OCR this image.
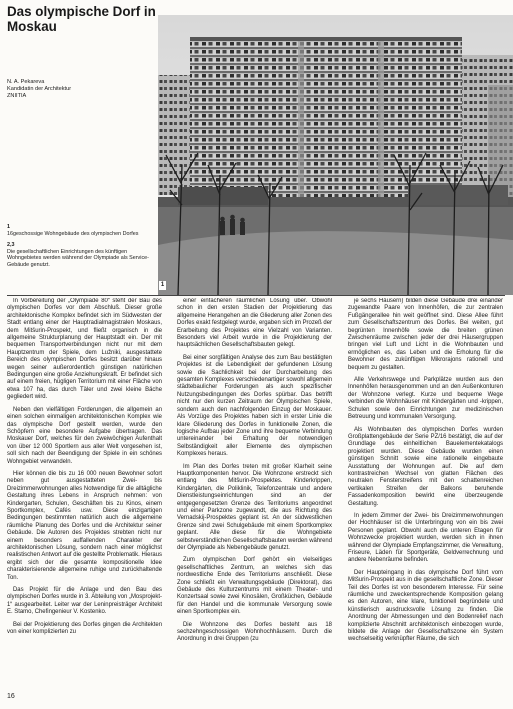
Das olympische Dorf in Moskau
N. A. Pekareva
Kandidatin der Architektur
ZNIITIA
1

1
16geschossige Wohngebäude des olympischen Dorfes

2,3
Die gesellschaftlichen Einrichtungen des künftigen Wohngebietes werden während der Olympiade als Service-Gebäude genutzt.

In Vorbereitung der „Olympiade 80“ steht der Bau des olympischen Dorfes vor dem Abschluß. Dieser große architektonische Komplex befindet sich im Südwesten der Stadt entlang einer der Hauptradialmagistralen Moskaus, dem Mitšurin-Prospekt, und fließt organisch in die allgemeine Strukturplanung der Hauptstadt ein. Der mit bequemen Transportverbindungen nicht nur mit dem Hauptzentrum der Spiele, dem Lužniki, ausgestattete Bereich des olympischen Dorfes besitzt darüber hinaus wegen seiner außerordentlich günstigen natürlichen Bedingungen eine große Anziehungskraft. Er befindet sich auf einem freien, hügligen Territorium mit einer Fläche von etwa 107 ha, das durch Täler und zwei kleine Bäche gegliedert wird.

Neben den vielfältigen Forderungen, die allgemein an einen solchen einmaligen architektonischen Komplex wie das olympische Dorf gestellt werden, wurde den Schöpfern eine besondere Aufgabe übertragen. Das Moskauer Dorf, welches für den zweiwöchigen Aufenthalt von über 12 000 Sportlern aus aller Welt vorgesehen ist, soll sich nach der Beendigung der Spiele in ein schönes Wohngebiet verwandeln.

Hier können die bis zu 16 000 neuen Bewohner sofort neben gut ausgestatteten Zwei- bis Dreizimmerwohnungen alles Notwendige für die alltägliche Gestaltung ihres Lebens in Anspruch nehmen: von Kindergarten, Schulen, Geschäften bis zu Kinos, einem Sportkomplex, Cafés usw. Diese einzigartigen Bedingungen bestimmten natürlich auch die allgemeine räumliche Planung des Dorfes und die Architektur seiner Gebäude. Die Autoren des Projektes strebten nicht nur einem besonders auffallenden Charakter der architektonischen Lösung, sondern nach einer möglichst realistischen Antwort auf die gestellte Problematik. Hieraus ergibt sich der die gesamte kompositionelle Idee charakterisierende allgemeine ruhige und zurückhaltende Ton.

Das Projekt für die Anlage und den Bau des olympischen Dorfes wurde in 3. Abteilung von „Mosprojekt-1“ ausgearbeitet. Leiter war der Leninpreisträger Architekt E. Stamo, Chefingenieur V. Kostenko.

Bei der Projektierung des Dorfes gingen die Architekten von einer komplizierten zu

einer einfacheren räumlichen Lösung über. Obwohl schon in den ersten Stadien der Projektierung das allgemeine Herangehen an die Gliederung aller Zonen des Dorfes exakt festgelegt wurde, ergaben sich im Prozeß der Erarbeitung des Projektes eine Vielzahl von Varianten. Besonders viel Arbeit wurde in die Projektierung der hauptsächlichen Gesellschaftsbauten gelegt.

Bei einer sorgfältigen Analyse des zum Bau bestätigten Projektes ist die Lebendigkeit der gefundenen Lösung sowie die Sachlichkeit bei der Durcharbeitung des gesamten Komplexes verschiedenartiger sowohl allgemein städtebaulicher Forderungen als auch spezifischer Nutzungsbedingungen des Dorfes spürbar. Das betrifft nicht nur den kurzen Zeitraum der Olympischen Spiele, sondern auch den nachfolgenden Einzug der Moskauer. Als Vorzüge des Projektes haben sich in erster Linie die klare Gliederung des Dorfes in funktionelle Zonen, die logische Aufbau jeder Zone und ihre bequeme Verbindung untereinander bei Erhaltung der notwendigen Selbständigkeit aller Elemente des olympischen Komplexes heraus.

Im Plan des Dorfes treten mit großer Klarheit seine Hauptkomponenten hervor. Die Wohnzone erstreckt sich entlang des Mitšurin-Prospektes. Kinderkrippen, Kindergärten, die Poliklinik, Telefonzentrale und andere Dienstleistungseinrichtungen sind an der entgegengesetzten Grenze des Territoriums angeordnet und einer Parkzone zugewandt, die aus Richtung des Vernadskij-Prospektes geplant ist. An der südwestlichen Grenze sind zwei Schulgebäude mit einem Sportkomplex geplant. Alle diese für die Wohngebiete selbstverständlichen Gesellschaftsbauten werden während der Olympiade als Nebengebäude genutzt.

Zum olympischen Dorf gehört ein vielseitiges gesellschaftliches Zentrum, an welches sich das nordwestliche Ende des Territoriums anschließt. Diese Zone schließt ein Verwaltungsgebäude (Direktorat), das Gebäude des Kulturzentrums mit einem Theater- und Konzertsaal sowie zwei Kinosälen, Großküchen, Gebäude für den Handel und die kommunale Versorgung sowie einen Sportkomplex ein.

Die Wohnzone des Dorfes besteht aus 18 sechzehngeschossigen Wohnhochhäusern. Durch die Anordnung in drei Gruppen (zu

je sechs Häusern) bilden diese Gebäude drei einander zugewandte Paare von Innenhöfen, die zur zentralen Fußgängerallee hin weit geöffnet sind. Diese Allee führt zum Gesellschaftszentrum des Dorfes. Bei weiten, gut begrünten Innenhöfe sowie die breiten grünen Zwischenräume zwischen jeder der drei Häusergruppen bringen viel Luft und Licht in die Wohnbauten und ermöglichen es, das Leben und die Erholung für die Bewohner des zukünftigen Mikrorajons rationell und bequem zu gestalten.

Alle Verkehrswege und Parkplätze wurden aus den Innenhöfen herausgenommen und an den Außenkonturen der Wohnzone verlegt. Kurze und bequeme Wege verbinden die Wohnhäuser mit Kindergärten und -krippen, Schulen sowie den Einrichtungen zur medizinischen Betreuung und kommunalen Versorgung.

Als Wohnbauten des olympischen Dorfes wurden Großplattengebäude der Serie PZ/16 bestätigt, die auf der Grundlage des einheitlichen Bauelementekatalogs projektiert wurden. Diese Gebäude wurden einen günstigen Schnitt sowie eine rationelle eingebaute Ausstattung der Wohnungen auf. Die auf dem kontrastreichen Wechsel von glatten Flächen des neutralen Fensterstreifens mit den schattenreichen vertikalen Streifen der Balkons beruhende Fassadenkomposition bewirkt eine überzeugende Gestaltung.

In jedem Zimmer der Zwei- bis Dreizimmerwohnungen der Hochhäuser ist die Unterbringung von ein bis zwei Personen geplant. Obwohl auch die unteren Etagen für Wohnzwecke projektiert wurden, werden sich in ihnen während der Olympiade Empfangszimmer, die Verwaltung, Friseure, Läden für Sportgeräte, Geldverrechnung und andere Nebenräume befinden.

Der Haupteingang in das olympische Dorf führt vom Mitšurin-Prospekt aus in die gesellschaftliche Zone. Dieser Teil des Dorfes ist von besonderem Interesse. Für seine räumliche und zweckentsprechende Komposition gelang es den Autoren, eine klare, funktionell begründete und künstlerisch ausdrucksvolle Lösung zu finden. Die Anordnung der Abmessungen und den Bodenrelief nach komplizierte Abschnitt architektonisch einbezogen wurde, bildete die Anlage der Gesellschaftszone ein System wechselseitig verknüpfter Räume, die sich

16
